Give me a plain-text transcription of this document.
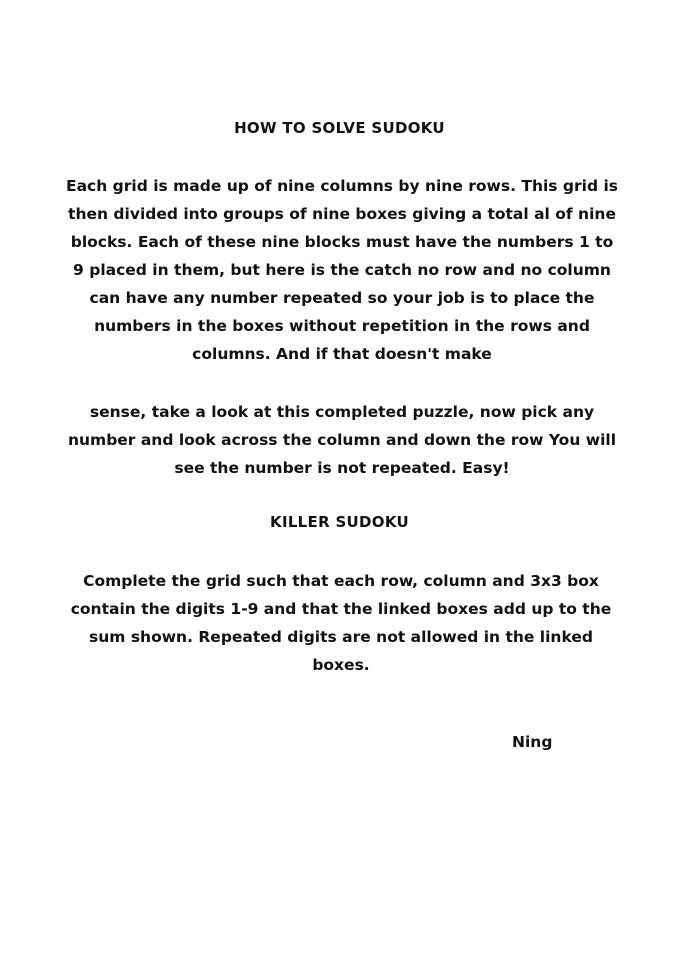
HOW TO SOLVE SUDOKU

Each grid is made up of nine columns by nine rows. This grid is then divided into groups of nine boxes giving a total al of nine blocks. Each of these nine blocks must have the numbers 1 to 9 placed in them, but here is the catch no row and no column can have any number repeated so your job is to place the numbers in the boxes without repetition in the rows and columns. And if that doesn't make

sense, take a look at this completed puzzle, now pick any number and look across the column and down the row You will see the number is not repeated. Easy!

KILLER SUDOKU

Complete the grid such that each row, column and 3x3 box contain the digits 1-9 and that the linked boxes add up to the sum shown. Repeated digits are not allowed in the linked boxes.

Ning
